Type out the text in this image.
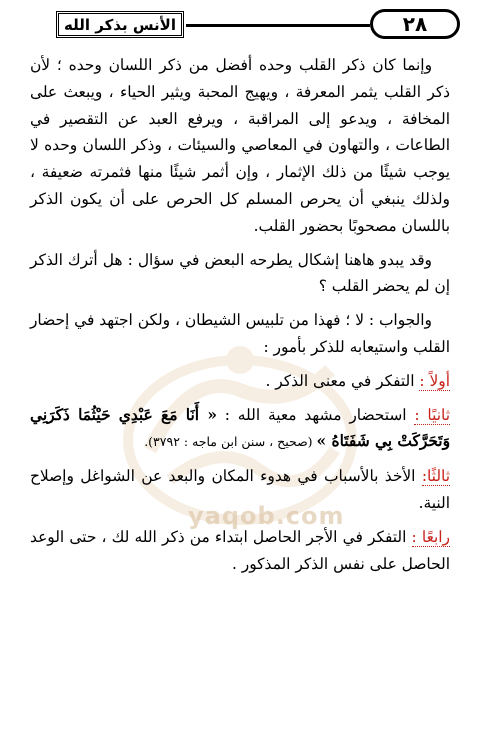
yaqob.com
الأنس بذكر الله	٢٨

وإنما كان ذكر القلب وحده أفضل من ذكر اللسان وحده ؛ لأن ذكر القلب يثمر المعرفة ، ويهيج المحبة ويثير الحياء ، ويبعث على المخافة ، ويدعو إلى المراقبة ، ويرفع العبد عن التقصير في الطاعات ، والتهاون في المعاصي والسيئات ، وذكر اللسان وحده لا يوجب شيئًا من ذلك الإثمار ، وإن أثمر شيئًا منها فثمرته ضعيفة ، ولذلك ينبغي أن يحرص المسلم كل الحرص على أن يكون الذكر باللسان مصحوبًا بحضور القلب.

وقد يبدو هاهنا إشكال يطرحه البعض في سؤال : هل أترك الذكر إن لم يحضر القلب ؟

والجواب : لا ؛ فهذا من تلبيس الشيطان ، ولكن اجتهد في إحضار القلب واستيعابه للذكر بأمور :

أولاً : التفكر في معنى الذكر .

ثانيًا : استحضار مشهد معية الله : « أَنَا مَعَ عَبْدِي حَيْثُمَا ذَكَرَنِي وَتَحَرَّكَتْ بِي شَفَتَاهُ » (صحيح ، سنن ابن ماجه : ٣٧٩٢).

ثالثًا: الأخذ بالأسباب في هدوء المكان والبعد عن الشواغل وإصلاح النية.

رابعًا : التفكر في الأجر الحاصل ابتداء من ذكر الله لك ، حتى الوعد الحاصل على نفس الذكر المذكور .
